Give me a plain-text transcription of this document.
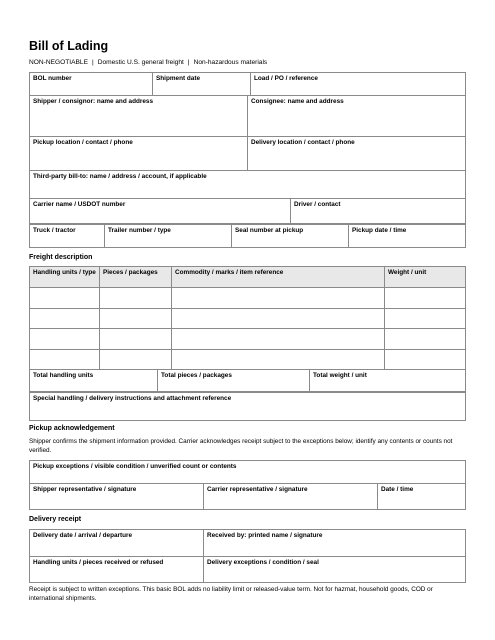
Bill of Lading
NON-NEGOTIABLE | Domestic U.S. general freight | Non-hazardous materials
BOL number	Shipment date	Load / PO / reference
Shipper / consignor: name and address	Consignee: name and address
Pickup location / contact / phone	Delivery location / contact / phone
Third-party bill-to: name / address / account, if applicable
Carrier name / USDOT number	Driver / contact
Truck / tractor	Trailer number / type	Seal number at pickup	Pickup date / time
Freight description
Handling units / type	Pieces / packages	Commodity / marks / item reference	Weight / unit

Total handling units	Total pieces / packages	Total weight / unit
Special handling / delivery instructions and attachment reference
Pickup acknowledgement
Shipper confirms the shipment information provided. Carrier acknowledges receipt subject to the exceptions below; identify any contents or counts not verified.
Pickup exceptions / visible condition / unverified count or contents
Shipper representative / signature	Carrier representative / signature	Date / time
Delivery receipt
Delivery date / arrival / departure	Received by: printed name / signature
Handling units / pieces received or refused	Delivery exceptions / condition / seal
Receipt is subject to written exceptions. This basic BOL adds no liability limit or released-value term. Not for hazmat, household goods, COD or international shipments.
